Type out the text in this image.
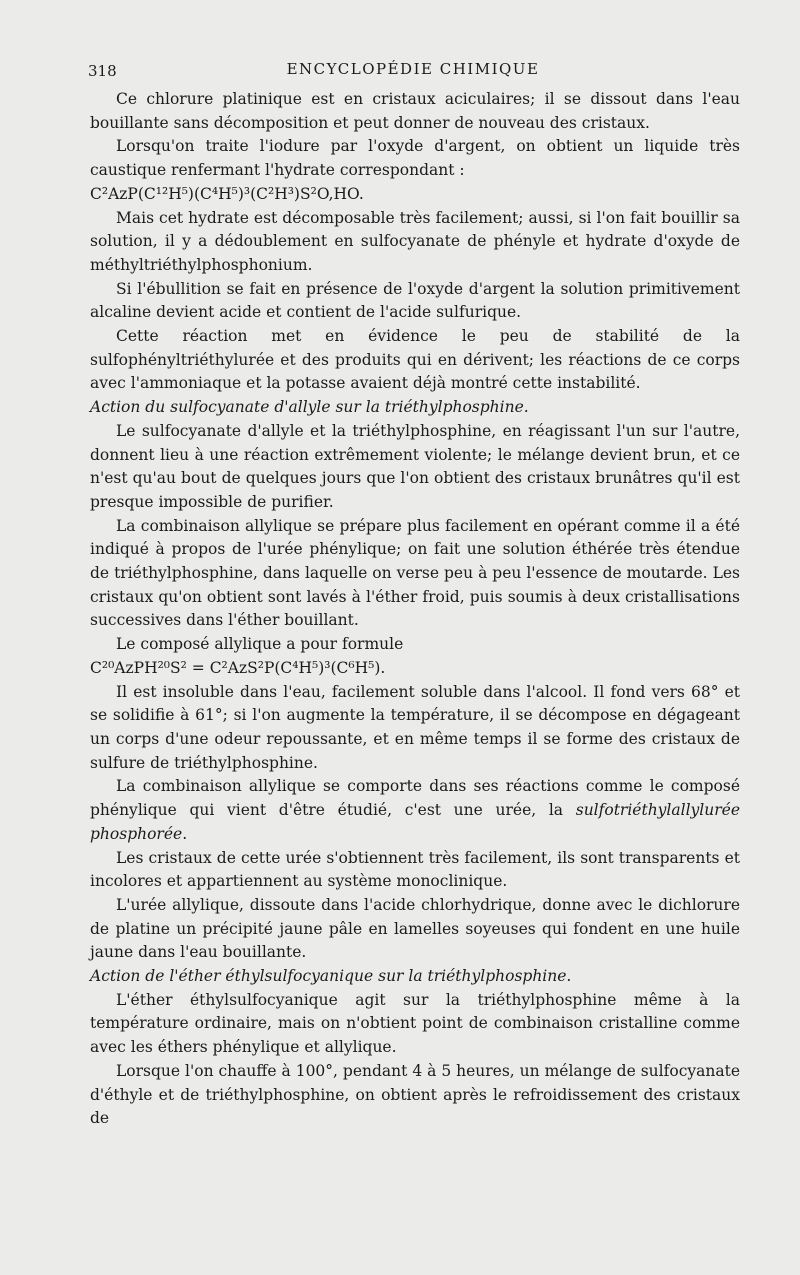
318	ENCYCLOPÉDIE CHIMIQUE

Ce chlorure platinique est en cristaux aciculaires; il se dissout dans l'eau bouillante sans décomposition et peut donner de nouveau des cristaux.

Lorsqu'on traite l'iodure par l'oxyde d'argent, on obtient un liquide très caustique renfermant l'hydrate correspondant :

C²AzP(C¹²H⁵)(C⁴H⁵)³(C²H³)S²O,HO.

Mais cet hydrate est décomposable très facilement; aussi, si l'on fait bouillir sa solution, il y a dédoublement en sulfocyanate de phényle et hydrate d'oxyde de méthyltriéthylphosphonium.

Si l'ébullition se fait en présence de l'oxyde d'argent la solution primitivement alcaline devient acide et contient de l'acide sulfurique.

Cette réaction met en évidence le peu de stabilité de la sulfophényltriéthylurée et des produits qui en dérivent; les réactions de ce corps avec l'ammoniaque et la potasse avaient déjà montré cette instabilité.

Action du sulfocyanate d'allyle sur la triéthylphosphine.

Le sulfocyanate d'allyle et la triéthylphosphine, en réagissant l'un sur l'autre, donnent lieu à une réaction extrêmement violente; le mélange devient brun, et ce n'est qu'au bout de quelques jours que l'on obtient des cristaux brunâtres qu'il est presque impossible de purifier.

La combinaison allylique se prépare plus facilement en opérant comme il a été indiqué à propos de l'urée phénylique; on fait une solution éthérée très étendue de triéthylphosphine, dans laquelle on verse peu à peu l'essence de moutarde. Les cristaux qu'on obtient sont lavés à l'éther froid, puis soumis à deux cristallisations successives dans l'éther bouillant.

Le composé allylique a pour formule

C²⁰AzPH²⁰S² = C²AzS²P(C⁴H⁵)³(C⁶H⁵).

Il est insoluble dans l'eau, facilement soluble dans l'alcool. Il fond vers 68° et se solidifie à 61°; si l'on augmente la température, il se décompose en dégageant un corps d'une odeur repoussante, et en même temps il se forme des cristaux de sulfure de triéthylphosphine.

La combinaison allylique se comporte dans ses réactions comme le composé phénylique qui vient d'être étudié, c'est une urée, la sulfotriéthylallylurée phosphorée.

Les cristaux de cette urée s'obtiennent très facilement, ils sont transparents et incolores et appartiennent au système monoclinique.

L'urée allylique, dissoute dans l'acide chlorhydrique, donne avec le dichlorure de platine un précipité jaune pâle en lamelles soyeuses qui fondent en une huile jaune dans l'eau bouillante.

Action de l'éther éthylsulfocyanique sur la triéthylphosphine.

L'éther éthylsulfocyanique agit sur la triéthylphosphine même à la température ordinaire, mais on n'obtient point de combinaison cristalline comme avec les éthers phénylique et allylique.

Lorsque l'on chauffe à 100°, pendant 4 à 5 heures, un mélange de sulfocyanate d'éthyle et de triéthylphosphine, on obtient après le refroidissement des cristaux de
